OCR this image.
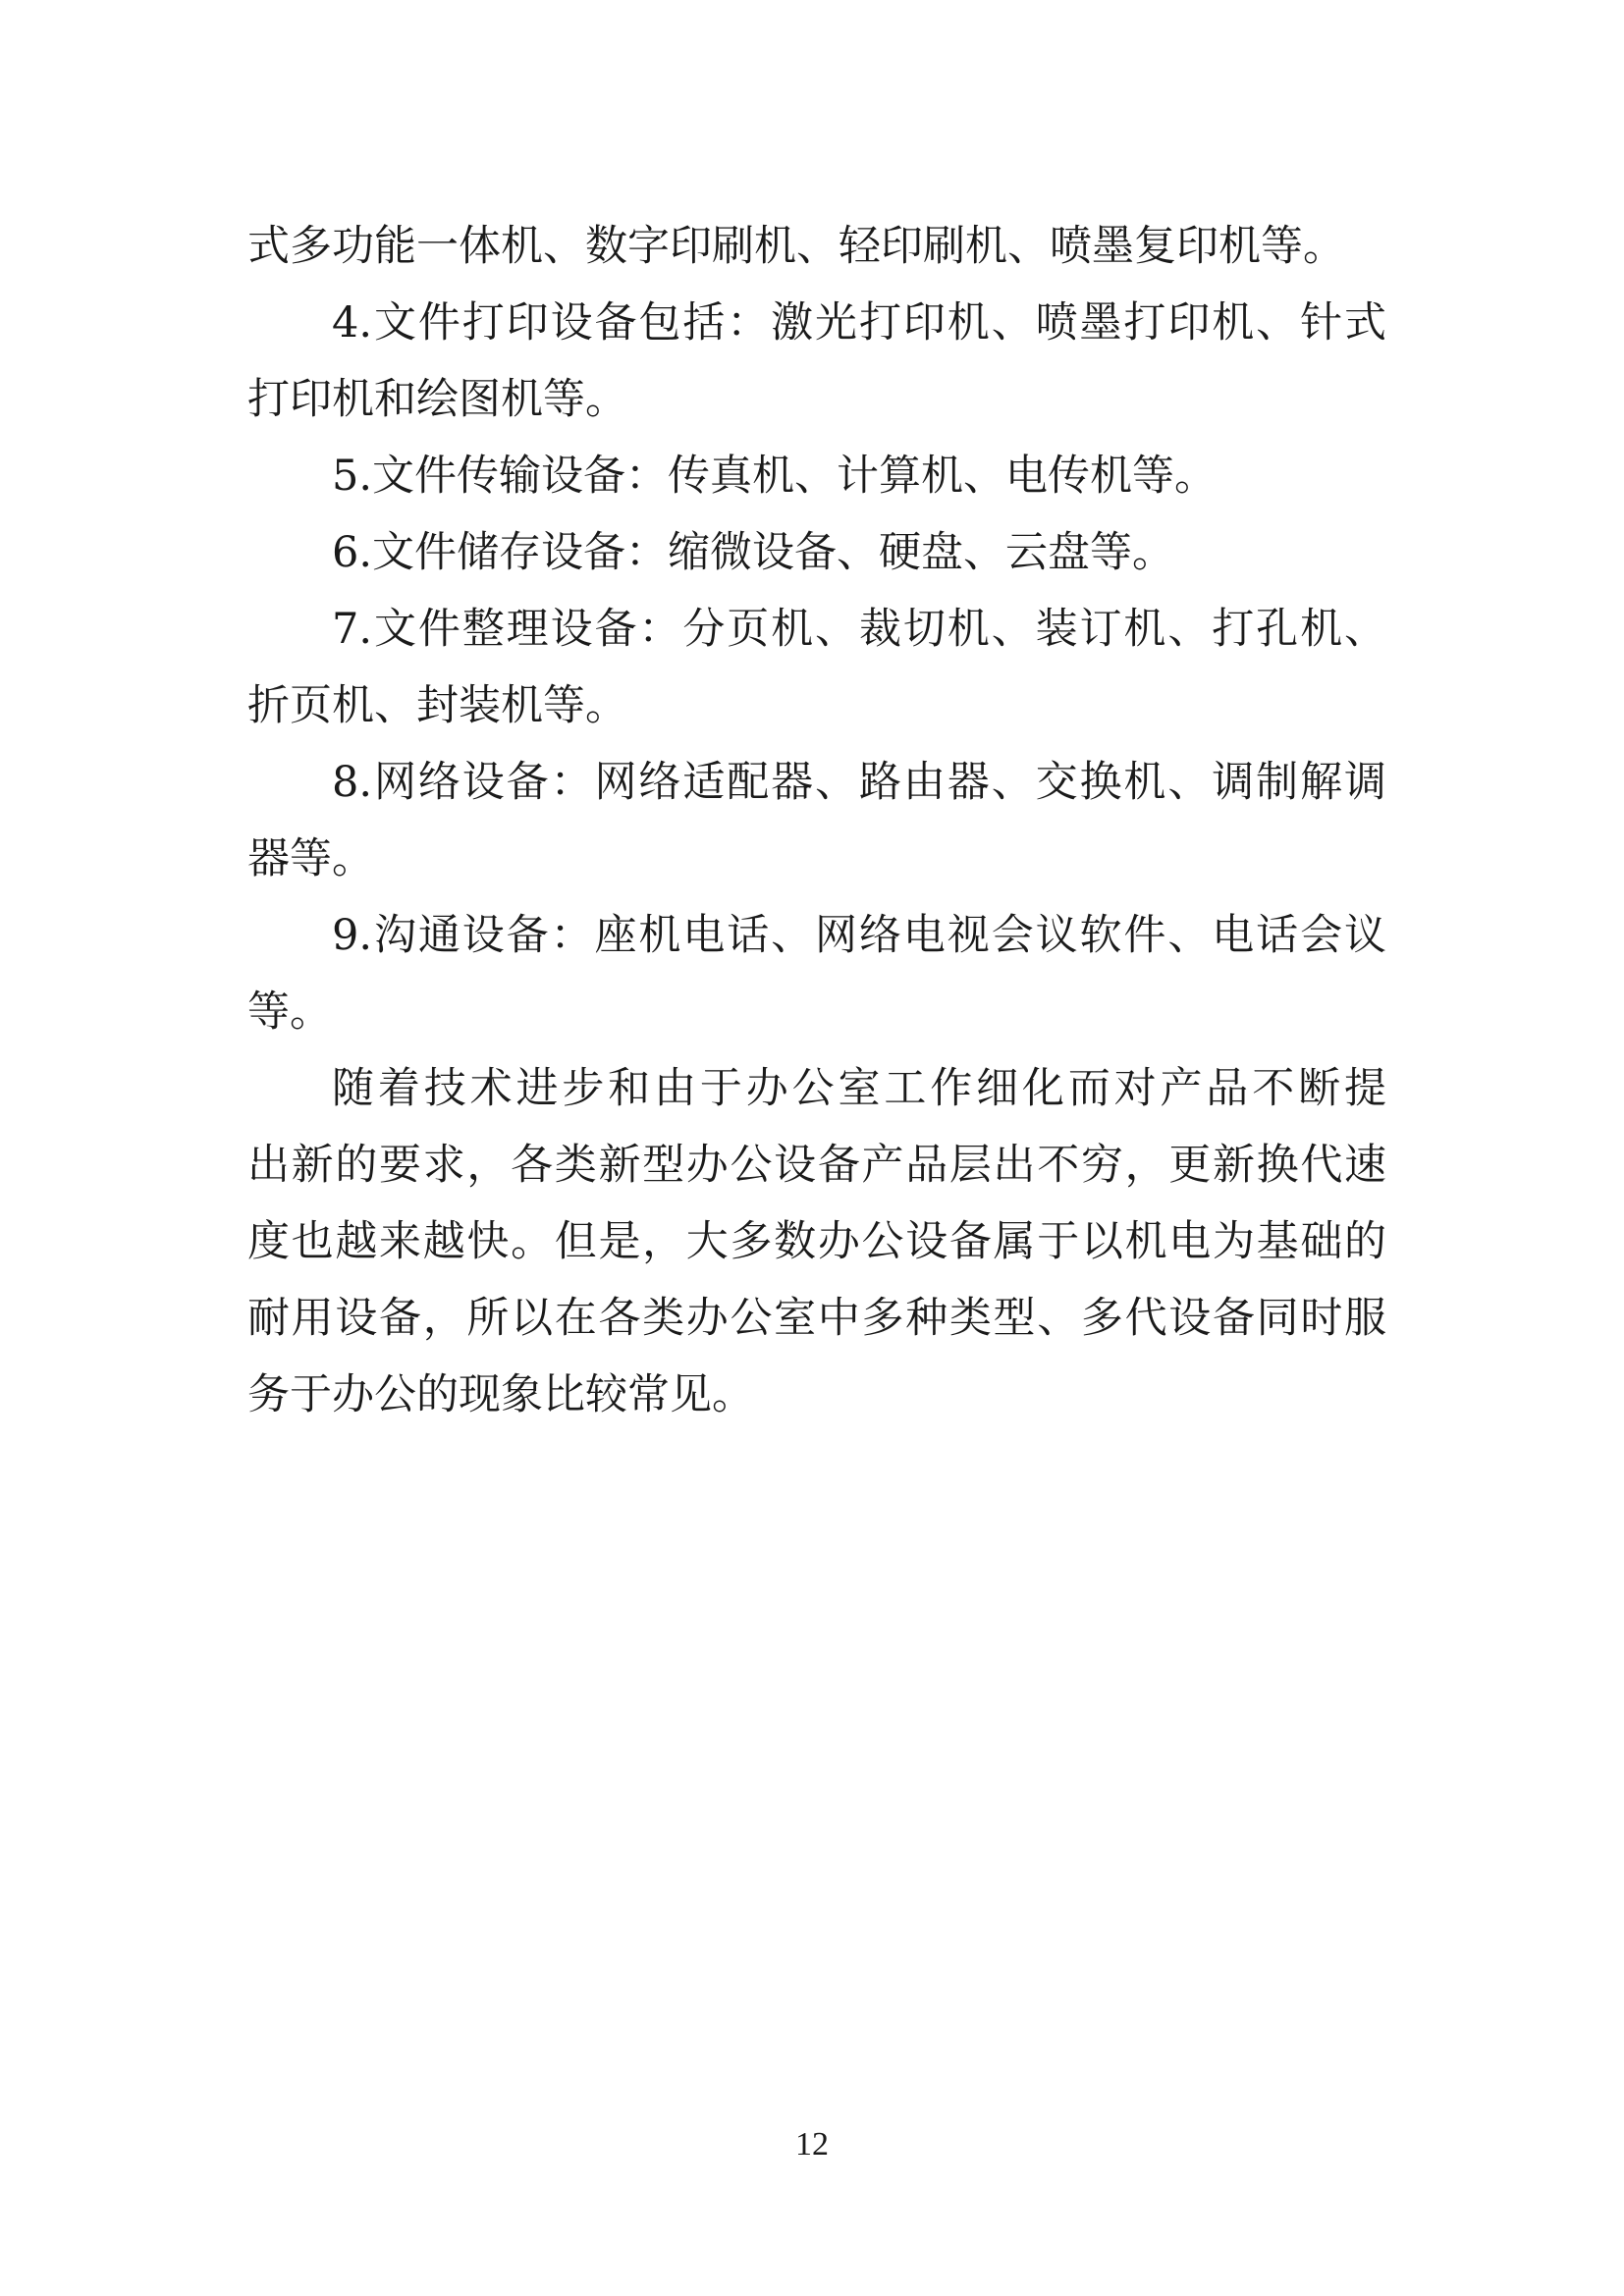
式多功能一体机、数字印刷机、轻印刷机、喷墨复印机等。
4.文件打印设备包括：激光打印机、喷墨打印机、针式
打印机和绘图机等。
5.文件传输设备：传真机、计算机、电传机等。
6.文件储存设备：缩微设备、硬盘、云盘等。
7.文件整理设备：分页机、裁切机、装订机、打孔机、
折页机、封装机等。
8.网络设备：网络适配器、路由器、交换机、调制解调
器等。
9.沟通设备：座机电话、网络电视会议软件、电话会议
等。
随着技术进步和由于办公室工作细化而对产品不断提
出新的要求，各类新型办公设备产品层出不穷，更新换代速
度也越来越快。但是，大多数办公设备属于以机电为基础的
耐用设备，所以在各类办公室中多种类型、多代设备同时服
务于办公的现象比较常见。
12
